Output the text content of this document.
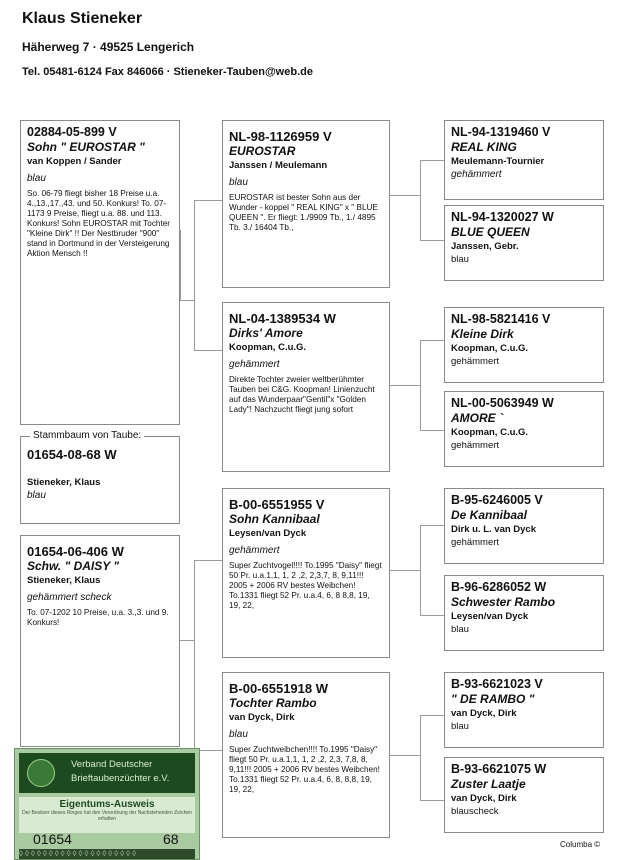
Klaus Stieneker
Häherweg 7 · 49525 Lengerich
Tel. 05481-6124 Fax 846066 · Stieneker-Tauben@web.de
02884-05-899 V
Sohn " EUROSTAR "
van Koppen / Sander
blau
So. 06-79 fliegt bisher 18 Preise u.a. 4.,13.,17.,43. und 50. Konkurs! To. 07-1173 9 Preise, fliegt u.a. 88. und 113. Konkurs! Sohn EUROSTAR mit Tochter "Kleine Dirk" !! Der Nestbruder "900" stand in Dortmund in der Versteigerung Aktion Mensch !!
01654-08-68 W
Stieneker, Klaus
blau
Stammbaum von Taube:
01654-06-406 W
Schw. " DAISY "
Stieneker, Klaus
gehämmert scheck
To. 07-1202 10 Preise, u.a. 3.,3. und 9. Konkurs!
NL-98-1126959 V
EUROSTAR
Janssen / Meulemann
blau
EUROSTAR ist bester Sohn aus der Wunder - koppel " REAL KING" x " BLUE QUEEN ". Er fliegt: 1./9909 Tb., 1./ 4895 Tb. 3./ 16404 Tb.,
NL-04-1389534 W
Dirks' Amore
Koopman, C.u.G.
gehämmert
Direkte Tochter zweier weltberühmter Tauben bei C&G. Koopman! Linienzucht auf das Wunderpaar"Gentil"x "Golden Lady"! Nachzucht fliegt jung sofort
B-00-6551955 V
Sohn Kannibaal
Leysen/van Dyck
gehämmert
Super Zuchtvogel!!!! To.1995 "Daisy" fliegt 50 Pr. u.a.1,1, 1, 2 ,2, 2,3,7, 8, 9,11!!! 2005 + 2006 RV bestes Weibchen! To.1331 fliegt 52 Pr. u.a.4, 6, 8 8,8, 19, 19, 22,
B-00-6551918 W
Tochter Rambo
van Dyck, Dirk
blau
Super Zuchtweibchen!!!! To.1995 "Daisy" fliegt 50 Pr. u.a.1,1, 1, 2 ,2, 2,3, 7,8, 8, 9,11!!! 2005 + 2006 RV bestes Weibchen! To.1331 fliegt 52 Pr. u.a.4, 6, 8, 8,8, 19, 19, 22,
NL-94-1319460 V
REAL KING
Meulemann-Tournier
gehämmert
NL-94-1320027 W
BLUE QUEEN
Janssen, Gebr.
blau
NL-98-5821416 V
Kleine Dirk
Koopman, C.u.G.
gehämmert
NL-00-5063949 W
AMORE `
Koopman, C.u.G.
gehämmert
B-95-6246005 V
De Kannibaal
Dirk u. L. van Dyck
gehämmert
B-96-6286052 W
Schwester Rambo
Leysen/van Dyck
blau
B-93-6621023 V
" DE RAMBO "
van Dyck, Dirk
blau
B-93-6621075 W
Zuster Laatje
van Dyck, Dirk
blauscheck
Verband Deutscher
Brieftaubenzüchter e.V.
Eigentums-Ausweis
Der Besitzer dieses Ringes hat den Verordnung der Nachstehenden Zeichen erhalten
01654	68
◊◊◊◊◊◊◊◊◊◊◊◊◊◊◊◊◊◊◊◊
Columba ©
